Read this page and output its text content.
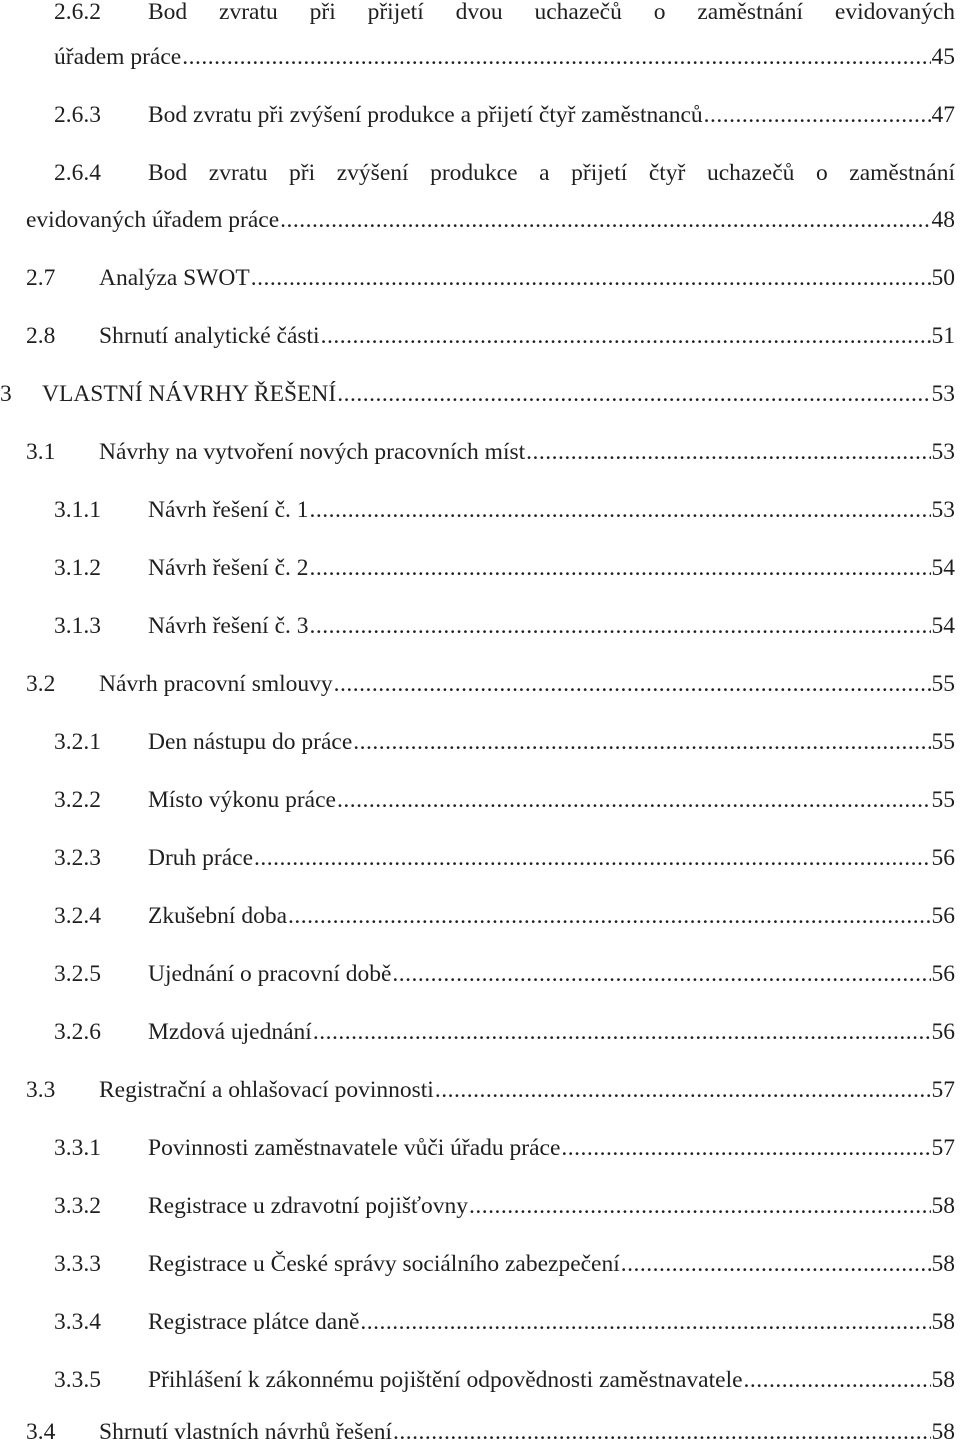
2.6.2 Bod zvratu při přijetí dvou uchazečů o zaměstnání evidovaných
úřadem práce .....	45
2.6.3 Bod zvratu při zvýšení produkce a přijetí čtyř zaměstnanců .....	47
2.6.4 Bod zvratu při zvýšení produkce a přijetí čtyř uchazečů o zaměstnání
evidovaných úřadem práce .....	48
2.7 Analýza SWOT .....	50
2.8 Shrnutí analytické části .....	51
3 VLASTNÍ NÁVRHY ŘEŠENÍ .....	53
3.1 Návrhy na vytvoření nových pracovních míst .....	53
3.1.1 Návrh řešení č. 1 .....	53
3.1.2 Návrh řešení č. 2 .....	54
3.1.3 Návrh řešení č. 3 .....	54
3.2 Návrh pracovní smlouvy .....	55
3.2.1 Den nástupu do práce .....	55
3.2.2 Místo výkonu práce .....	55
3.2.3 Druh práce .....	56
3.2.4 Zkušební doba .....	56
3.2.5 Ujednání o pracovní době .....	56
3.2.6 Mzdová ujednání .....	56
3.3 Registrační a ohlašovací povinnosti .....	57
3.3.1 Povinnosti zaměstnavatele vůči úřadu práce .....	57
3.3.2 Registrace u zdravotní pojišťovny .....	58
3.3.3 Registrace u České správy sociálního zabezpečení .....	58
3.3.4 Registrace plátce daně .....	58
3.3.5 Přihlášení k zákonnému pojištění odpovědnosti zaměstnavatele .....	58
3.4 Shrnutí vlastních návrhů řešení .....	58
